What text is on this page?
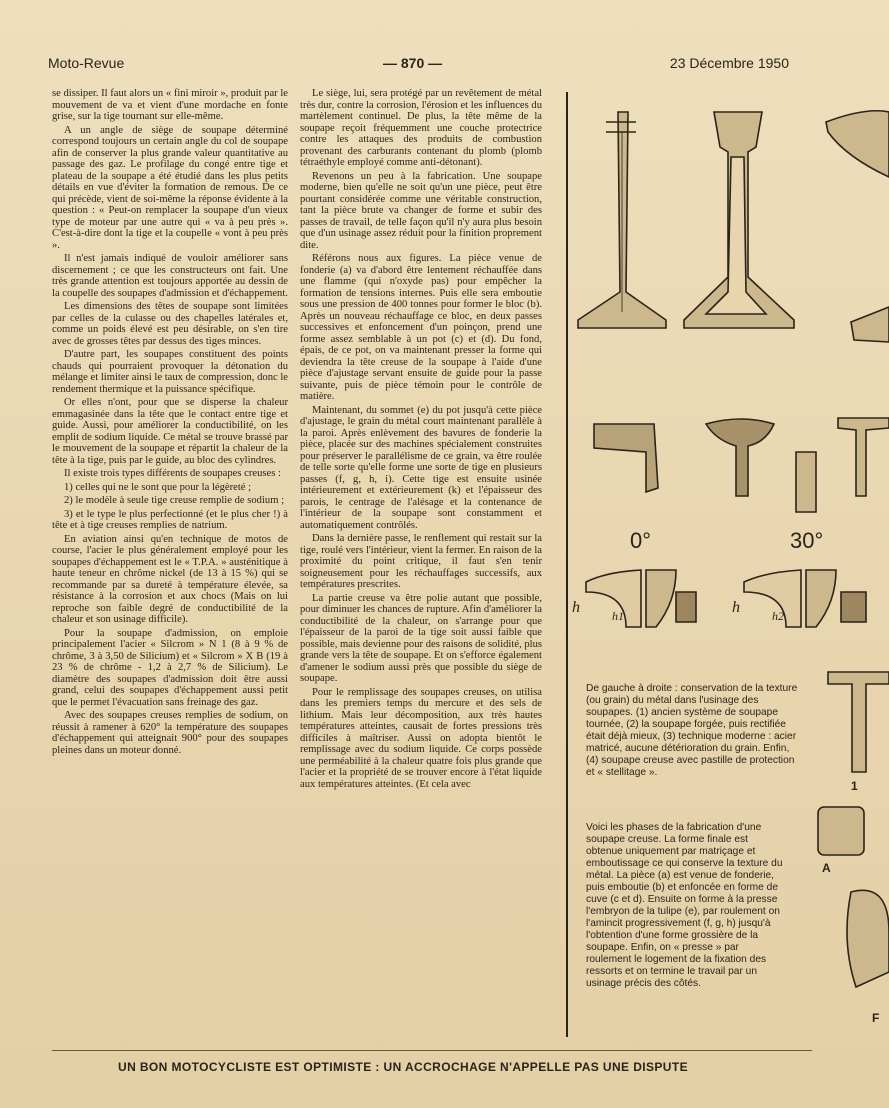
Moto-Revue	— 870 —	23 Décembre 1950

se dissiper. Il faut alors un « fini miroir », produit par le mouvement de va et vient d'une mordache en fonte grise, sur la tige tournant sur elle-même.

A un angle de siège de soupape déterminé correspond toujours un certain angle du col de soupape afin de conserver la plus grande valeur quantitative au passage des gaz. Le profilage du congé entre tige et plateau de la soupape a été étudié dans les plus petits détails en vue d'éviter la formation de remous. De ce qui précède, vient de soi-même la réponse évidente à la question : « Peut-on remplacer la soupape d'un vieux type de moteur par une autre qui « va à peu près ». C'est-à-dire dont la tige et la coupelle « vont à peu près ».

Il n'est jamais indiqué de vouloir améliorer sans discernement ; ce que les constructeurs ont fait. Une très grande attention est toujours apportée au dessin de la coupelle des soupapes d'admission et d'échappement.

Les dimensions des têtes de soupape sont limitées par celles de la culasse ou des chapelles latérales et, comme un poids élevé est peu désirable, on s'en tire avec de grosses têtes par dessus des tiges minces.

D'autre part, les soupapes constituent des points chauds qui pourraient provoquer la détonation du mélange et limiter ainsi le taux de compression, donc le rendement thermique et la puissance spécifique.

Or elles n'ont, pour que se disperse la chaleur emmagasinée dans la tête que le contact entre tige et guide. Aussi, pour améliorer la conductibilité, on les emplit de sodium liquide. Ce métal se trouve brassé par le mouvement de la soupape et répartit la chaleur de la tête à la tige, puis par le guide, au bloc des cylindres.

Il existe trois types différents de soupapes creuses :

1) celles qui ne le sont que pour la légèreté ;

2) le modèle à seule tige creuse remplie de sodium ;

3) et le type le plus perfectionné (et le plus cher !) à tête et à tige creuses remplies de natrium.

En aviation ainsi qu'en technique de motos de course, l'acier le plus généralement employé pour les soupapes d'échappement est le « T.P.A. » austénitique à haute teneur en chrôme nickel (de 13 à 15 %) qui se recommande par sa dureté à température élevée, sa résistance à la corrosion et aux chocs (Mais on lui reproche son faible degré de conductibilité de la chaleur et son usinage difficile).

Pour la soupape d'admission, on emploie principalement l'acier « Silcrom » N 1 (8 à 9 % de chrôme, 3 à 3,50 de Silicium) et « Silcrom » X B (19 à 23 % de chrôme - 1,2 à 2,7 % de Silicium). Le diamètre des soupapes d'admission doit être aussi grand, celui des soupapes d'échappement aussi petit que le permet l'évacuation sans freinage des gaz.

Avec des soupapes creuses remplies de sodium, on réussit à ramener à 620° la température des soupapes d'échappement qui atteignait 900° pour des soupapes pleines dans un moteur donné.

Le siège, lui, sera protégé par un revêtement de métal très dur, contre la corrosion, l'érosion et les influences du martèlement continuel. De plus, la tête même de la soupape reçoit fréquemment une couche protectrice contre les attaques des produits de combustion provenant des carburants contenant du plomb (plomb tétraéthyle employé comme anti-détonant).

Revenons un peu à la fabrication. Une soupape moderne, bien qu'elle ne soit qu'un une pièce, peut être pourtant considérée comme une véritable construction, tant la pièce brute va changer de forme et subir des passes de travail, de telle façon qu'il n'y aura plus besoin que d'un usinage assez réduit pour la finition proprement dite.

Référons nous aux figures. La pièce venue de fonderie (a) va d'abord être lentement réchauffée dans une flamme (qui n'oxyde pas) pour empêcher la formation de tensions internes. Puis elle sera emboutie sous une pression de 400 tonnes pour former le bloc (b). Après un nouveau réchauffage ce bloc, en deux passes successives et enfoncement d'un poinçon, prend une forme assez semblable à un pot (c) et (d). Du fond, épais, de ce pot, on va maintenant presser la forme qui deviendra la tête creuse de la soupape à l'aide d'une pièce d'ajustage servant ensuite de guide pour la passe suivante, puis de pièce témoin pour le contrôle de matière.

Maintenant, du sommet (e) du pot jusqu'à cette pièce d'ajustage, le grain du métal court maintenant parallèle à la paroi. Après enlèvement des bavures de fonderie la pièce, placée sur des machines spécialement construites pour préserver le parallélisme de ce grain, va être roulée de telle sorte qu'elle forme une sorte de tige en plusieurs passes (f, g, h, i). Cette tige est ensuite usinée intérieurement et extérieurement (k) et l'épaisseur des parois, le centrage de l'alésage et la contenance de l'intérieur de la soupape sont constamment et automatiquement contrôlés.

Dans la dernière passe, le renflement qui restait sur la tige, roulé vers l'intérieur, vient la fermer. En raison de la proximité du point critique, il faut s'en tenir soigneusement pour les réchauffages successifs, aux températures prescrites.

La partie creuse va être polie autant que possible, pour diminuer les chances de rupture. Afin d'améliorer la conductibilité de la chaleur, on s'arrange pour que l'épaisseur de la paroi de la tige soit aussi faible que possible, mais devienne pour des raisons de solidité, plus grande vers la tête de soupape. Et on s'efforce également d'amener le sodium aussi près que possible du siège de soupape.

Pour le remplissage des soupapes creuses, on utilisa dans les premiers temps du mercure et des sels de lithium. Mais leur décomposition, aux très hautes températures atteintes, causait de fortes pressions très difficiles à maîtriser. Aussi on adopta bientôt le remplissage avec du sodium liquide. Ce corps possède une perméabilité à la chaleur quatre fois plus grande que l'acier et la propriété de se trouver encore à l'état liquide aux températures atteintes. (Et cela avec	1
A
F
h	h1	h	h2
0°	30°
De gauche à droite : conservation de la texture (ou grain) du métal dans l'usinage des soupapes. (1) ancien système de soupape tournée, (2) la soupape forgée, puis rectifiée était déjà mieux, (3) technique moderne : acier matricé, aucune détérioration du grain. Enfin, (4) soupape creuse avec pastille de protection et « stellitage ».
Voici les phases de la fabrication d'une soupape creuse. La forme finale est obtenue uniquement par matriçage et emboutissage ce qui conserve la texture du métal. La pièce (a) est venue de fonderie, puis emboutie (b) et enfoncée en forme de cuve (c et d). Ensuite on forme à la presse l'embryon de la tulipe (e), par roulement on l'amincit progressivement (f, g, h) jusqu'à l'obtention d'une forme grossière de la soupape. Enfin, on « presse » par roulement le logement de la fixation des ressorts et on termine le travail par un usinage précis des côtés.
UN BON MOTOCYCLISTE EST OPTIMISTE : UN ACCROCHAGE N'APPELLE PAS UNE DISPUTE
